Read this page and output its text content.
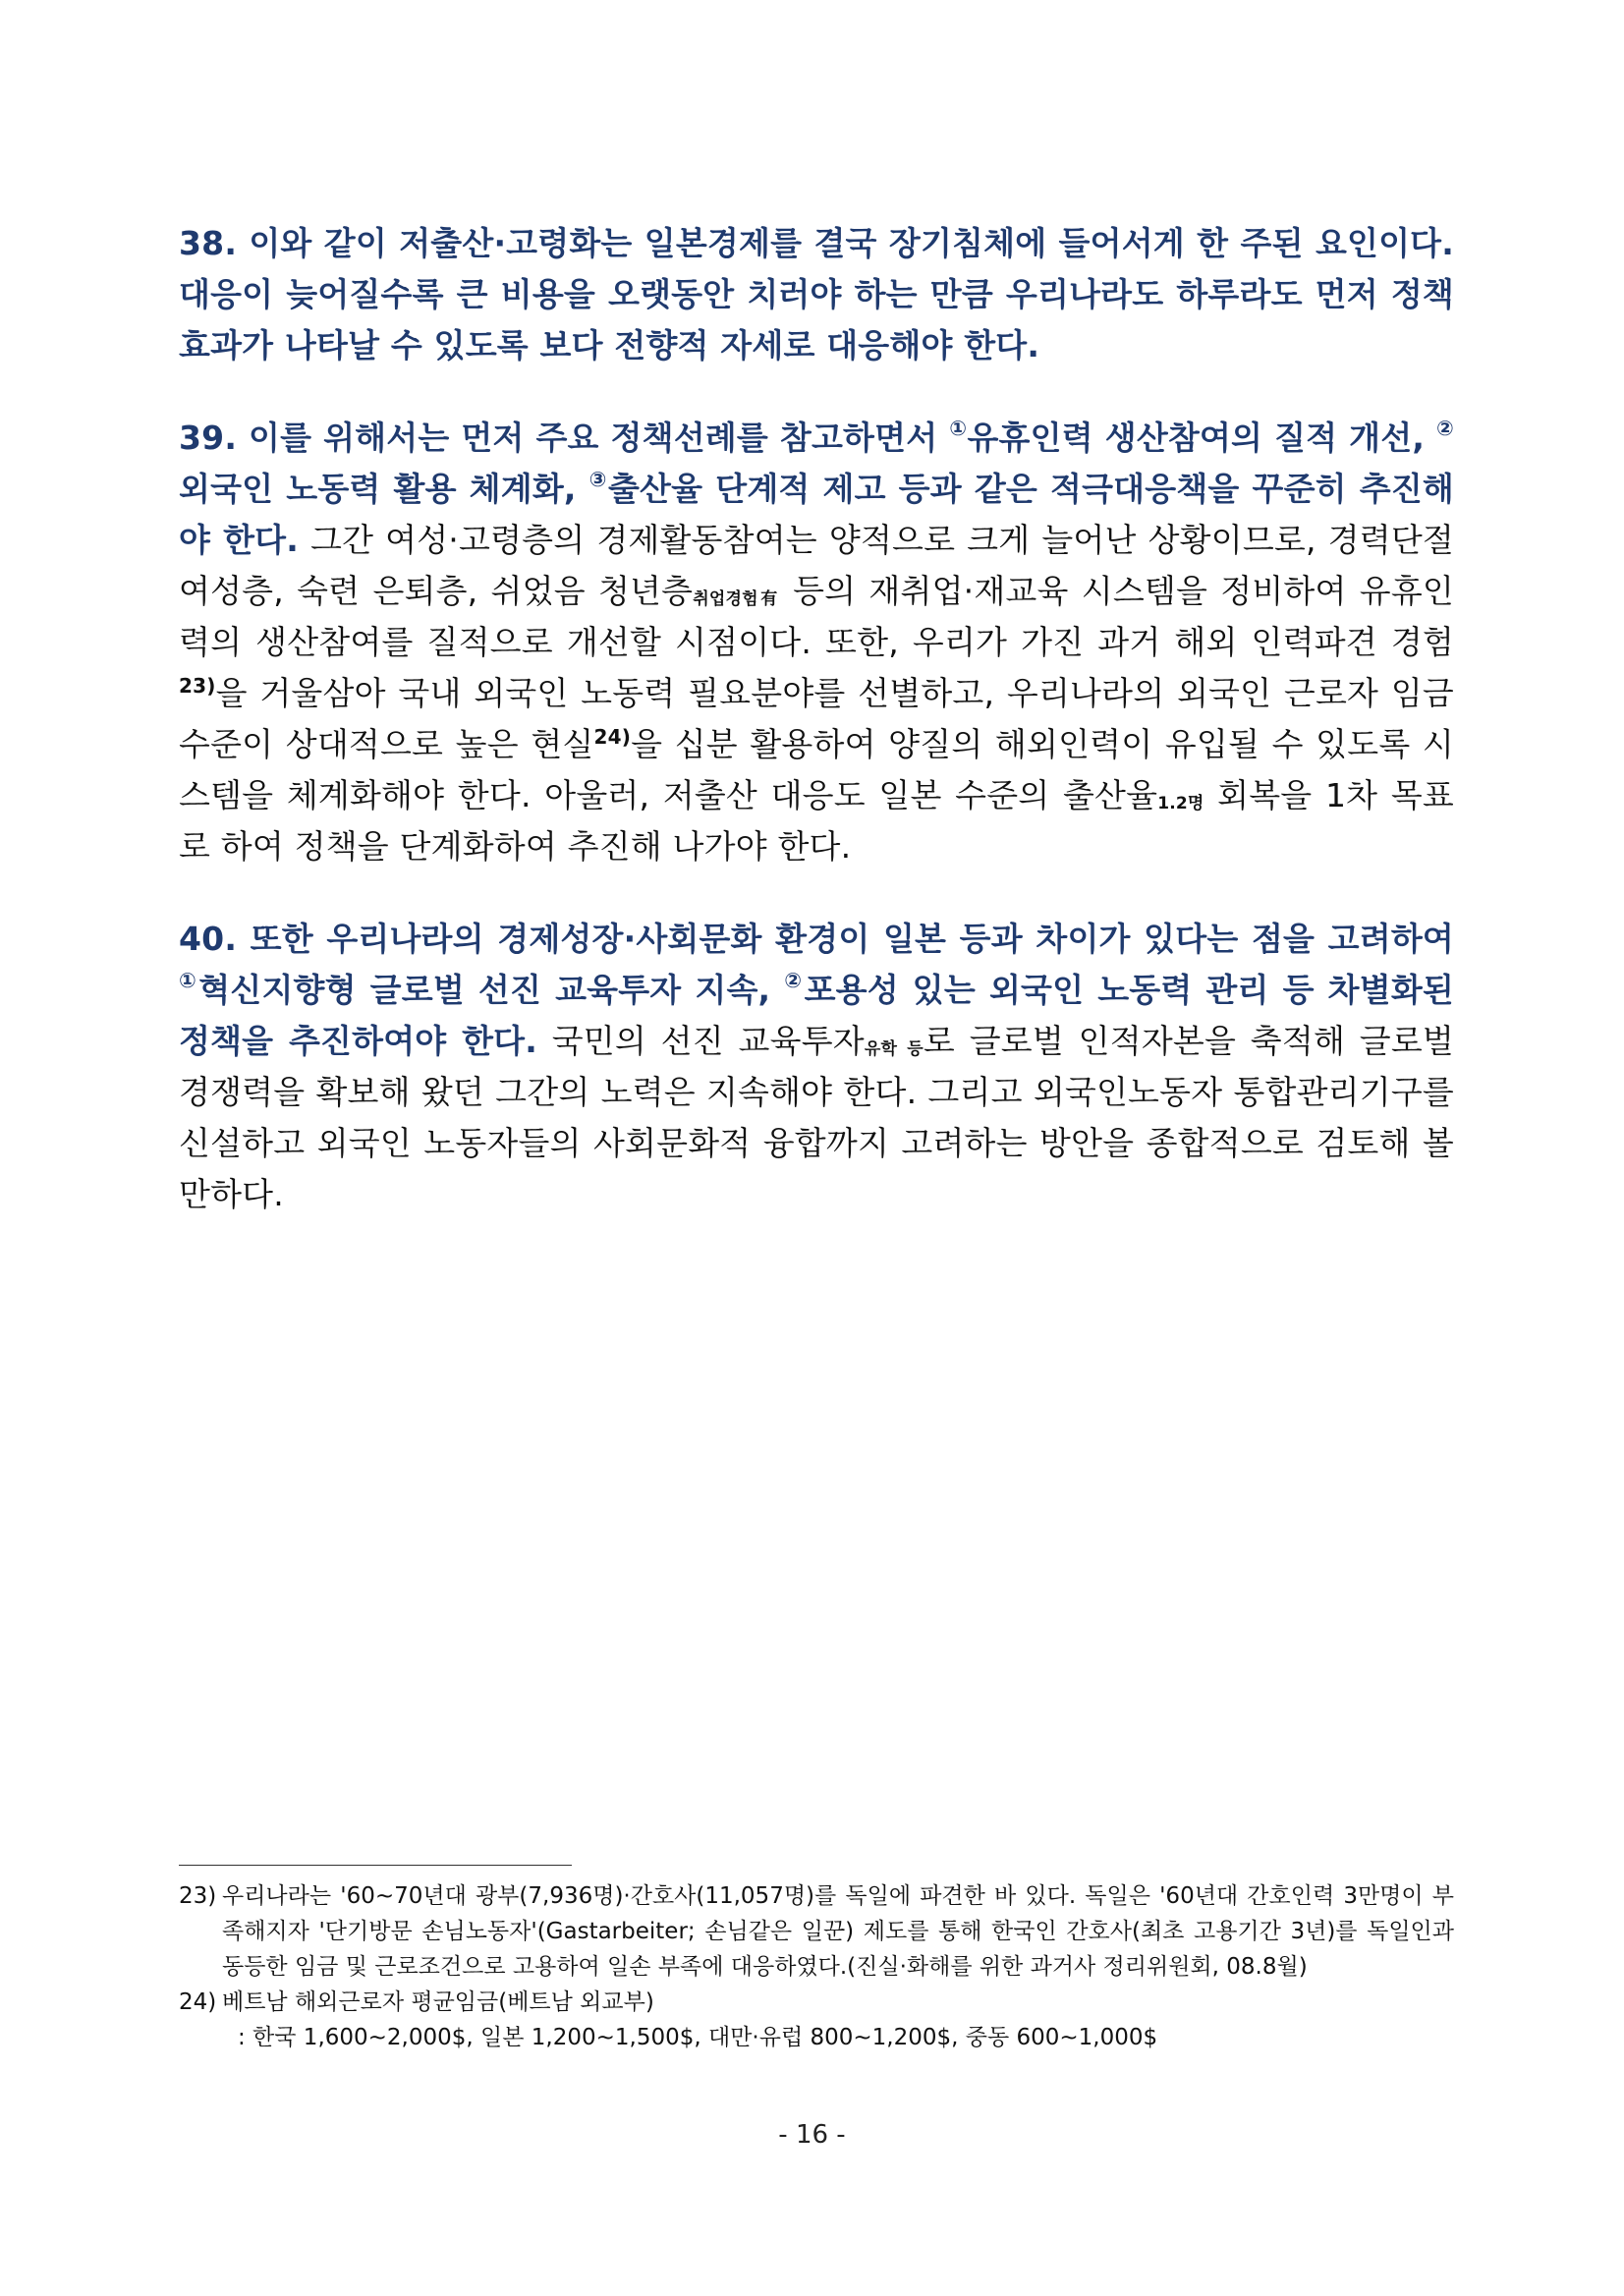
38. 이와 같이 저출산·고령화는 일본경제를 결국 장기침체에 들어서게 한 주된 요인이다. 대응이 늦어질수록 큰 비용을 오랫동안 치러야 하는 만큼 우리나라도 하루라도 먼저 정책효과가 나타날 수 있도록 보다 전향적 자세로 대응해야 한다.

39. 이를 위해서는 먼저 주요 정책선례를 참고하면서 ①유휴인력 생산참여의 질적 개선, ②외국인 노동력 활용 체계화, ③출산율 단계적 제고 등과 같은 적극대응책을 꾸준히 추진해야 한다. 그간 여성·고령층의 경제활동참여는 양적으로 크게 늘어난 상황이므로, 경력단절 여성층, 숙련 은퇴층, 쉬었음 청년층$_{취업경험有}$ 등의 재취업·재교육 시스템을 정비하여 유휴인력의 생산참여를 질적으로 개선할 시점이다. 또한, 우리가 가진 과거 해외 인력파견 경험$^{23)}$을 거울삼아 국내 외국인 노동력 필요분야를 선별하고, 우리나라의 외국인 근로자 임금수준이 상대적으로 높은 현실$^{24)}$을 십분 활용하여 양질의 해외인력이 유입될 수 있도록 시스템을 체계화해야 한다. 아울러, 저출산 대응도 일본 수준의 출산율$_{1.2명}$ 회복을 1차 목표로 하여 정책을 단계화하여 추진해 나가야 한다.

40. 또한 우리나라의 경제성장·사회문화 환경이 일본 등과 차이가 있다는 점을 고려하여 ①혁신지향형 글로벌 선진 교육투자 지속, ②포용성 있는 외국인 노동력 관리 등 차별화된 정책을 추진하여야 한다. 국민의 선진 교육투자$_{유학 등}$로 글로벌 인적자본을 축적해 글로벌 경쟁력을 확보해 왔던 그간의 노력은 지속해야 한다. 그리고 외국인노동자 통합관리기구를 신설하고 외국인 노동자들의 사회문화적 융합까지 고려하는 방안을 종합적으로 검토해 볼 만하다.

23) 우리나라는 '60~70년대 광부(7,936명)·간호사(11,057명)를 독일에 파견한 바 있다. 독일은 '60년대 간호인력 3만명이 부족해지자 '단기방문 손님노동자'(Gastarbeiter; 손님같은 일꾼) 제도를 통해 한국인 간호사(최초 고용기간 3년)를 독일인과 동등한 임금 및 근로조건으로 고용하여 일손 부족에 대응하였다.(진실·화해를 위한 과거사 정리위원회, 08.8월)
24) 베트남 해외근로자 평균임금(베트남 외교부)
: 한국 1,600~2,000$, 일본 1,200~1,500$, 대만·유럽 800~1,200$, 중동 600~1,000$
- 16 -
